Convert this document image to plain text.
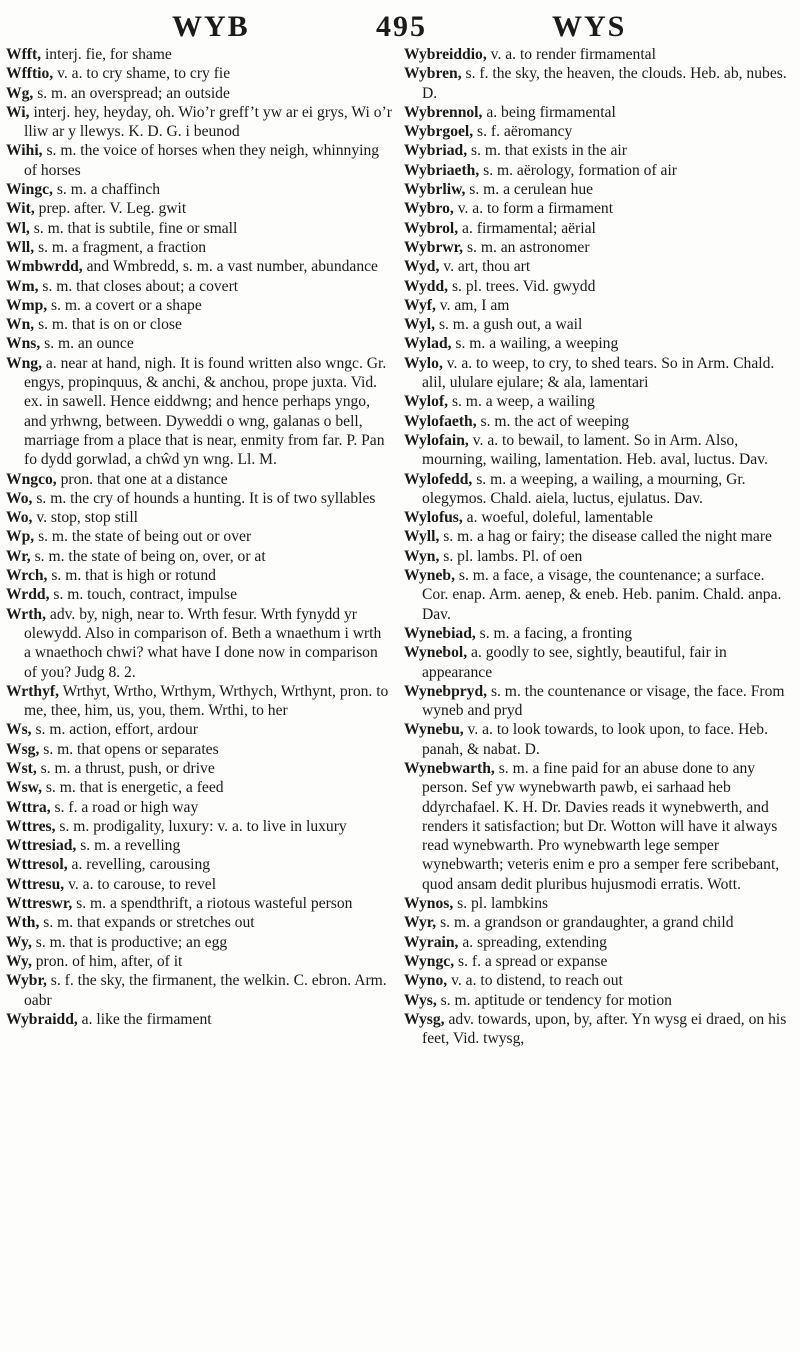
WYB	495	WYS

Wfft, interj. fie, for shame

Wfftio, v. a. to cry shame, to cry fie

Wg, s. m. an overspread; an outside

Wi, interj. hey, heyday, oh. Wio’r greff’t yw ar ei grys, Wi o’r lliw ar y llewys. K. D. G. i beunod

Wihi, s. m. the voice of horses when they neigh, whinnying of horses

Wingc, s. m. a chaffinch

Wit, prep. after. V. Leg. gwit

Wl, s. m. that is subtile, fine or small

Wll, s. m. a fragment, a fraction

Wmbwrdd, and Wmbredd, s. m. a vast number, abundance

Wm, s. m. that closes about; a covert

Wmp, s. m. a covert or a shape

Wn, s. m. that is on or close

Wns, s. m. an ounce

Wng, a. near at hand, nigh. It is found written also wngc. Gr. engys, propinquus, & anchi, & anchou, prope juxta. Vid. ex. in sawell. Hence eiddwng; and hence perhaps yngo, and yrhwng, between. Dyweddi o wng, galanas o bell, marriage from a place that is near, enmity from far. P. Pan fo dydd gorwlad, a chŵd yn wng. Ll. M.

Wngco, pron. that one at a distance

Wo, s. m. the cry of hounds a hunting. It is of two syllables

Wo, v. stop, stop still

Wp, s. m. the state of being out or over

Wr, s. m. the state of being on, over, or at

Wrch, s. m. that is high or rotund

Wrdd, s. m. touch, contract, impulse

Wrth, adv. by, nigh, near to. Wrth fesur. Wrth fynydd yr olewydd. Also in comparison of. Beth a wnaethum i wrth a wnaethoch chwi? what have I done now in comparison of you? Judg 8. 2.

Wrthyf, Wrthyt, Wrtho, Wrthym, Wrthych, Wrthynt, pron. to me, thee, him, us, you, them. Wrthi, to her

Ws, s. m. action, effort, ardour

Wsg, s. m. that opens or separates

Wst, s. m. a thrust, push, or drive

Wsw, s. m. that is energetic, a feed

Wttra, s. f. a road or high way

Wttres, s. m. prodigality, luxury: v. a. to live in luxury

Wttresiad, s. m. a revelling

Wttresol, a. revelling, carousing

Wttresu, v. a. to carouse, to revel

Wttreswr, s. m. a spendthrift, a riotous wasteful person

Wth, s. m. that expands or stretches out

Wy, s. m. that is productive; an egg

Wy, pron. of him, after, of it

Wybr, s. f. the sky, the firmanent, the welkin. C. ebron. Arm. oabr

Wybraidd, a. like the firmament

Wybreiddio, v. a. to render firmamental

Wybren, s. f. the sky, the heaven, the clouds. Heb. ab, nubes. D.

Wybrennol, a. being firmamental

Wybrgoel, s. f. aëromancy

Wybriad, s. m. that exists in the air

Wybriaeth, s. m. aërology, formation of air

Wybrliw, s. m. a cerulean hue

Wybro, v. a. to form a firmament

Wybrol, a. firmamental; aërial

Wybrwr, s. m. an astronomer

Wyd, v. art, thou art

Wydd, s. pl. trees. Vid. gwydd

Wyf, v. am, I am

Wyl, s. m. a gush out, a wail

Wylad, s. m. a wailing, a weeping

Wylo, v. a. to weep, to cry, to shed tears. So in Arm. Chald. alil, ululare ejulare; & ala, lamentari

Wylof, s. m. a weep, a wailing

Wylofaeth, s. m. the act of weeping

Wylofain, v. a. to bewail, to lament. So in Arm. Also, mourning, wailing, lamentation. Heb. aval, luctus. Dav.

Wylofedd, s. m. a weeping, a wailing, a mourning, Gr. olegymos. Chald. aiela, luctus, ejulatus. Dav.

Wylofus, a. woeful, doleful, lamentable

Wyll, s. m. a hag or fairy; the disease called the night mare

Wyn, s. pl. lambs. Pl. of oen

Wyneb, s. m. a face, a visage, the countenance; a surface. Cor. enap. Arm. aenep, & eneb. Heb. panim. Chald. anpa. Dav.

Wynebiad, s. m. a facing, a fronting

Wynebol, a. goodly to see, sightly, beautiful, fair in appearance

Wynebpryd, s. m. the countenance or visage, the face. From wyneb and pryd

Wynebu, v. a. to look towards, to look upon, to face. Heb. panah, & nabat. D.

Wynebwarth, s. m. a fine paid for an abuse done to any person. Sef yw wynebwarth pawb, ei sarhaad heb ddyrchafael. K. H. Dr. Davies reads it wynebwerth, and renders it satisfaction; but Dr. Wotton will have it always read wynebwarth. Pro wynebwarth lege semper wynebwarth; veteris enim e pro a semper fere scribebant, quod ansam dedit pluribus hujusmodi erratis. Wott.

Wynos, s. pl. lambkins

Wyr, s. m. a grandson or grandaughter, a grand child

Wyrain, a. spreading, extending

Wyngc, s. f. a spread or expanse

Wyno, v. a. to distend, to reach out

Wys, s. m. aptitude or tendency for motion

Wysg, adv. towards, upon, by, after. Yn wysg ei draed, on his feet, Vid. twysg,
